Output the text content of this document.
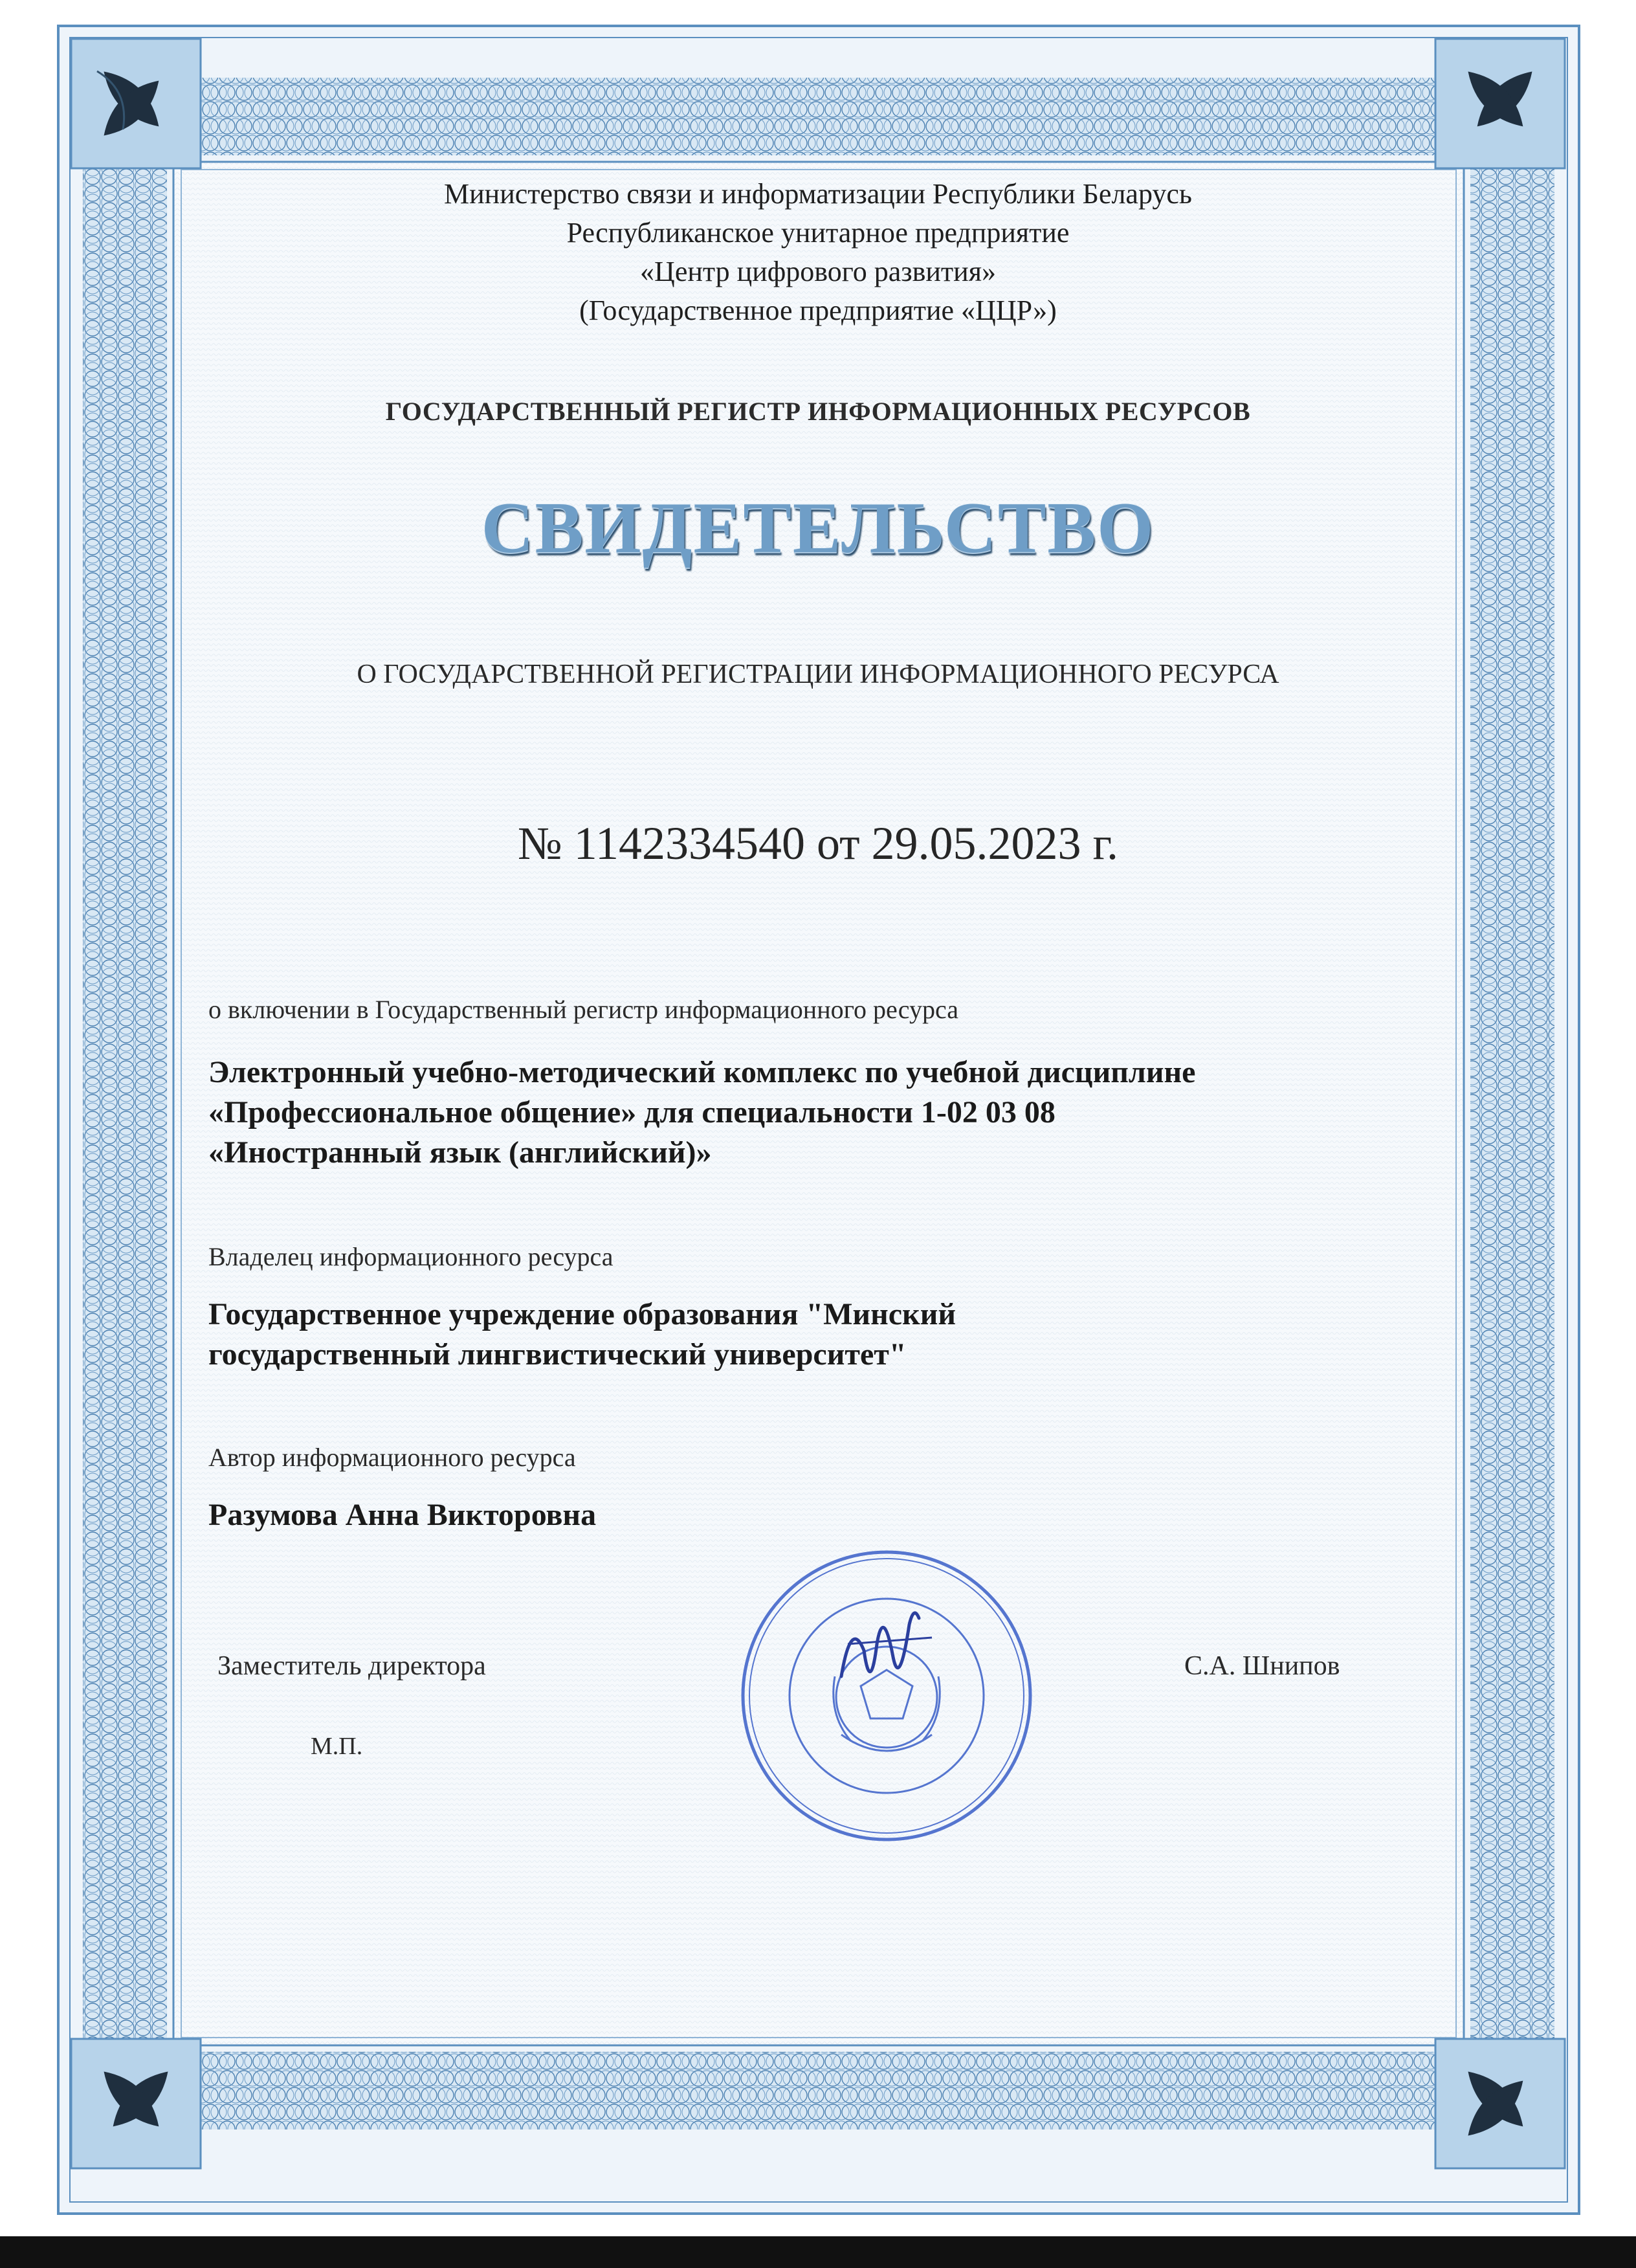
Министерство связи и информатизации Республики Беларусь

Республиканское унитарное предприятие

«Центр цифрового развития»

(Государственное предприятие «ЦЦР»)

ГОСУДАРСТВЕННЫЙ РЕГИСТР ИНФОРМАЦИОННЫХ РЕСУРСОВ

СВИДЕТЕЛЬСТВО

О ГОСУДАРСТВЕННОЙ РЕГИСТРАЦИИ ИНФОРМАЦИОННОГО РЕСУРСА

№ 1142334540 от 29.05.2023 г.

о включении в Государственный регистр информационного ресурса

Электронный учебно-методический комплекс по учебной дисциплине

«Профессиональное общение» для специальности 1-02 03 08

«Иностранный язык (английский)»

Владелец информационного ресурса

Государственное учреждение образования "Минский

государственный лингвистический университет"

Автор информационного ресурса

Разумова Анна Викторовна

Заместитель директора	С.А. Шнипов

М.П.
